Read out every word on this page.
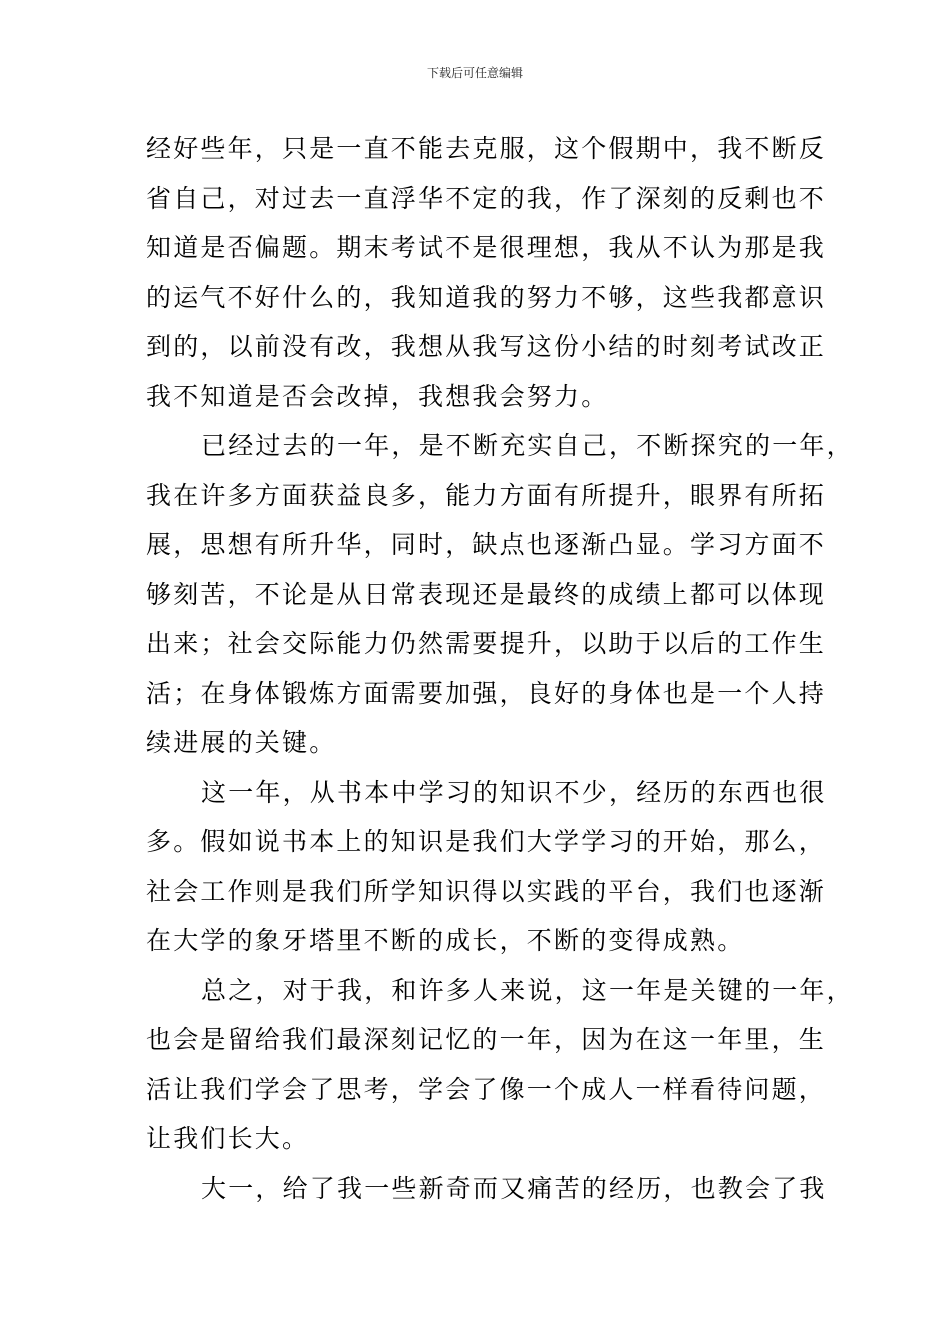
下载后可任意编辑
经好些年，只是一直不能去克服，这个假期中，我不断反
省自己，对过去一直浮华不定的我，作了深刻的反剩也不
知道是否偏题。期末考试不是很理想，我从不认为那是我
的运气不好什么的，我知道我的努力不够，这些我都意识
到的，以前没有改，我想从我写这份小结的时刻考试改正
我不知道是否会改掉，我想我会努力。
已经过去的一年，是不断充实自己，不断探究的一年，
我在许多方面获益良多，能力方面有所提升，眼界有所拓
展，思想有所升华，同时，缺点也逐渐凸显。学习方面不
够刻苦，不论是从日常表现还是最终的成绩上都可以体现
出来；社会交际能力仍然需要提升，以助于以后的工作生
活；在身体锻炼方面需要加强，良好的身体也是一个人持
续进展的关键。
这一年，从书本中学习的知识不少，经历的东西也很
多。假如说书本上的知识是我们大学学习的开始，那么，
社会工作则是我们所学知识得以实践的平台，我们也逐渐
在大学的象牙塔里不断的成长，不断的变得成熟。
总之，对于我，和许多人来说，这一年是关键的一年，
也会是留给我们最深刻记忆的一年，因为在这一年里，生
活让我们学会了思考，学会了像一个成人一样看待问题，
让我们长大。
大一，给了我一些新奇而又痛苦的经历，也教会了我
